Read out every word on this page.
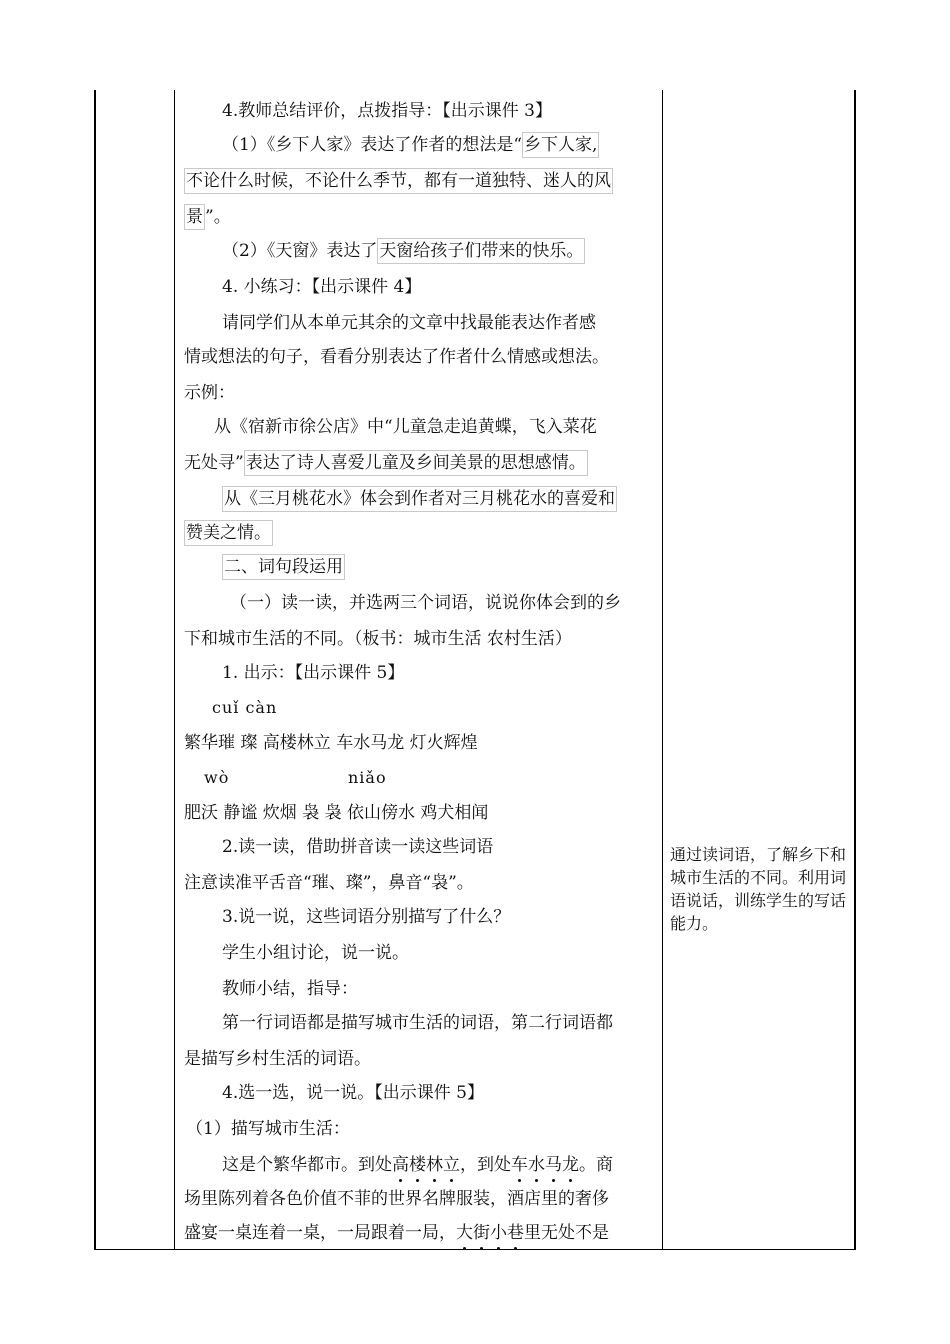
4.教师总结评价，点拨指导：【出示课件 3】
（1）《乡下人家》表达了作者的想法是“ 乡下人家,
不论什么时候，不论什么季节，都有一道独特、迷人的风
景 ”。
（2）《天窗》表达了 天窗给孩子们带来的快乐。
4. 小练习：【出示课件 4】
请同学们从本单元其余的文章中找最能表达作者感
情或想法的句子，看看分别表达了作者什么情感或想法。
示例：
从《宿新市徐公店》中“儿童急走追黄蝶，飞入菜花
无处寻” 表达了诗人喜爱儿童及乡间美景的思想感情。
从《三月桃花水》体会到作者对三月桃花水的喜爱和
赞美之情。
二、词句段运用
（一）读一读，并选两三个词语，说说你体会到的乡
下和城市生活的不同。（板书：城市生活 农村生活）
1. 出示：【出示课件 5】
cuǐ càn
繁华璀 璨 高楼林立 车水马龙 灯火辉煌
wò	niǎo
肥沃 静谧 炊烟 袅 袅 依山傍水 鸡犬相闻
2.读一读，借助拼音读一读这些词语
注意读准平舌音“璀、璨”，鼻音“袅”。
3.说一说，这些词语分别描写了什么？
学生小组讨论，说一说。
教师小结，指导：
第一行词语都是描写城市生活的词语，第二行词语都
是描写乡村生活的词语。
4.选一选，说一说。【出示课件 5】
（1）描写城市生活：
这是个繁华都市。到处高楼林立，到处车水马龙。商
场里陈列着各色价值不菲的世界名牌服装，酒店里的奢侈
盛宴一桌连着一桌，一局跟着一局，大街小巷里无处不是
通过读词语，了解乡下和城市生活的不同。利用词语说话，训练学生的写话能力。
